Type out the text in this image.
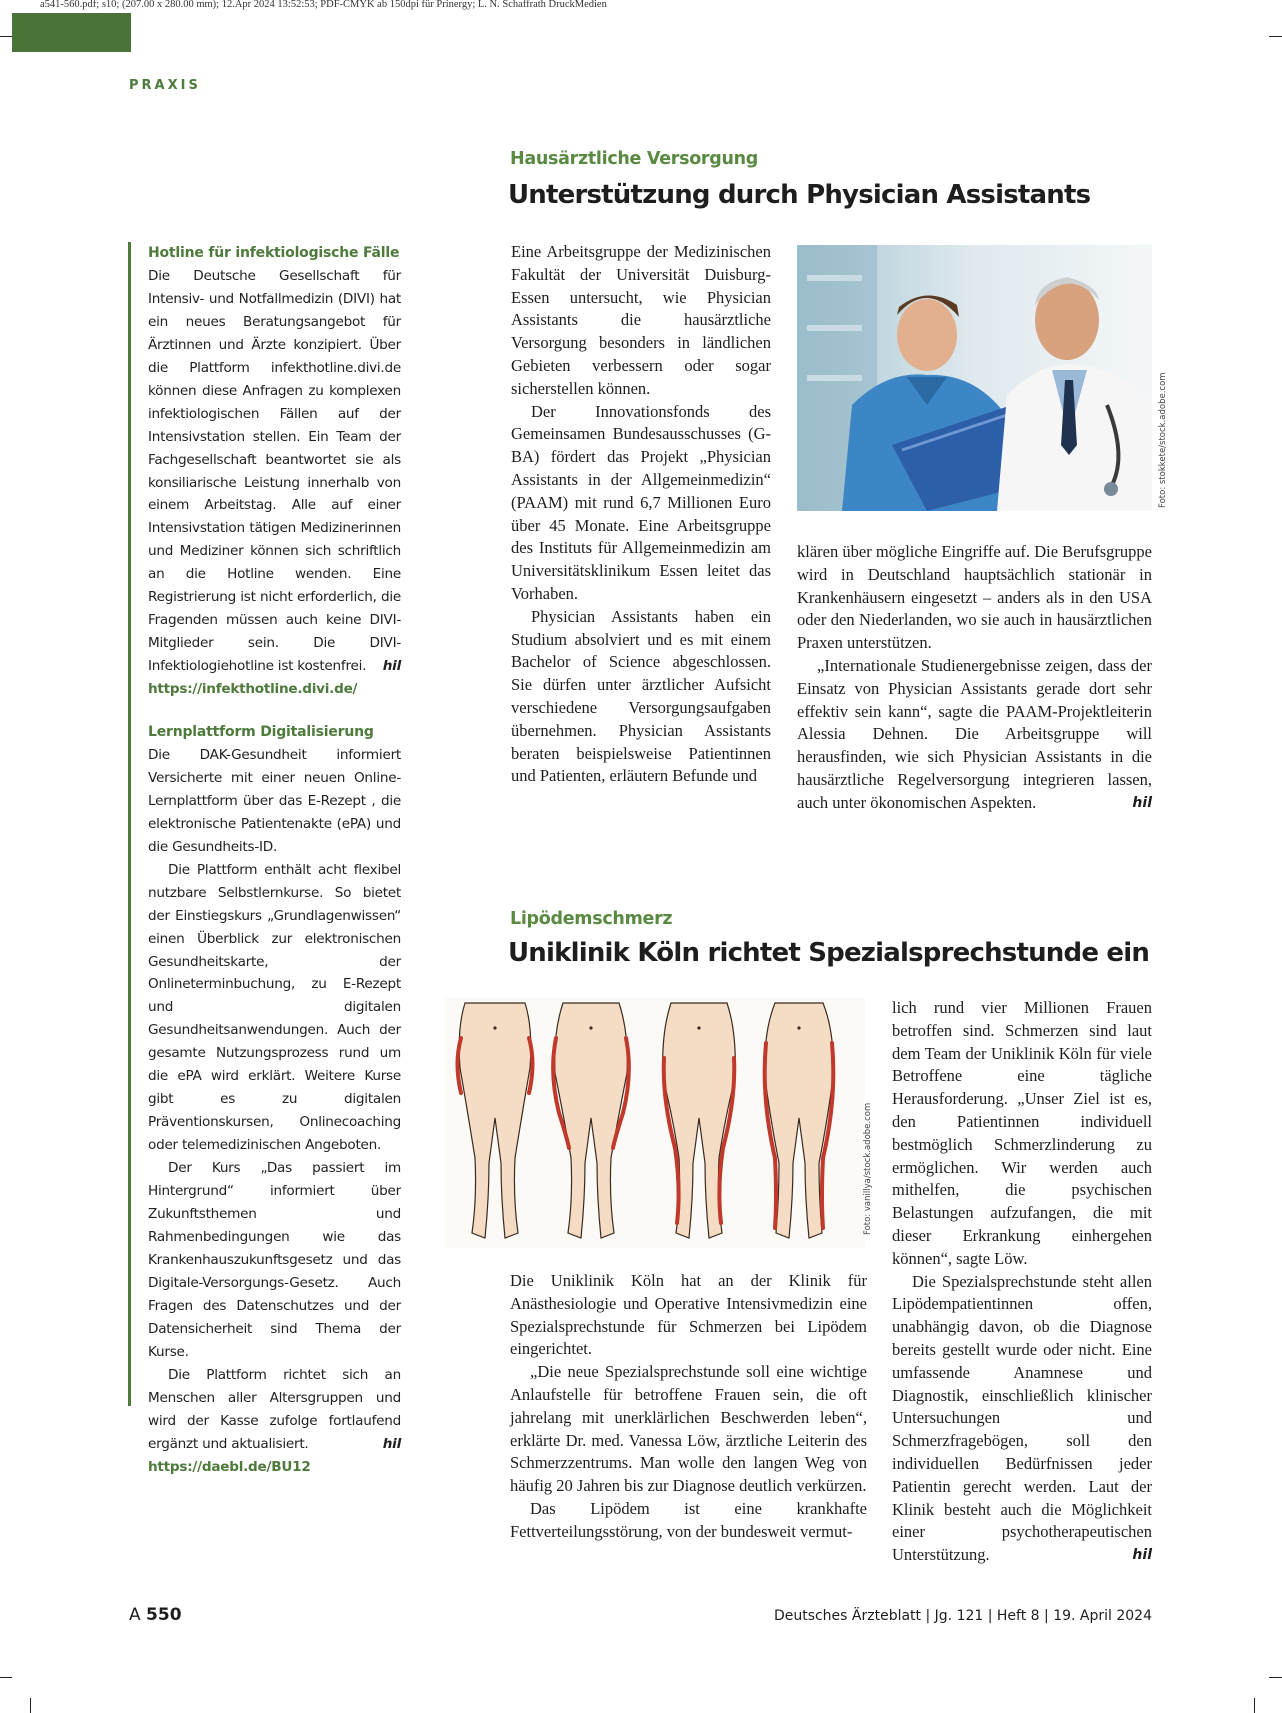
a541-560.pdf; s10; (207.00 x 280.00 mm); 12.Apr 2024 13:52:53; PDF-CMYK ab 150dpi für Prinergy; L. N. Schaffrath DruckMedien
PRAXIS
Hotline für infektiologische Fälle

Die Deutsche Gesellschaft für Intensiv- und Notfallmedizin (DIVI) hat ein neues Beratungsangebot für Ärztinnen und Ärzte konzipiert. Über die Plattform infekthotline.divi.de können diese Anfragen zu komplexen infektiologischen Fällen auf der Intensivstation stellen. Ein Team der Fachgesellschaft beantwortet sie als konsiliarische Leistung innerhalb von einem Arbeitstag. Alle auf einer Intensivstation tätigen Medizinerinnen und Mediziner können sich schriftlich an die Hotline wenden. Eine Registrierung ist nicht erforderlich, die Fragenden müssen auch keine DIVI-Mitglieder sein. Die DIVI-Infektiologiehotline ist kostenfrei. hil

https://infekthotline.divi.de/

Lernplattform Digitalisierung

Die DAK-Gesundheit informiert Versicherte mit einer neuen Online-Lernplattform über das E-Rezept , die elektronische Patientenakte (ePA) und die Gesundheits-ID.

Die Plattform enthält acht flexibel nutzbare Selbstlernkurse. So bietet der Einstiegskurs „Grundlagenwissen“ einen Überblick zur elektronischen Gesundheitskarte, der Onlineterminbuchung, zu E-Rezept und digitalen Gesundheitsanwendungen. Auch der gesamte Nutzungsprozess rund um die ePA wird erklärt. Weitere Kurse gibt es zu digitalen Präventionskursen, Onlinecoaching oder telemedizinischen Angeboten.

Der Kurs „Das passiert im Hintergrund“ informiert über Zukunftsthemen und Rahmenbedingungen wie das Krankenhauszukunftsgesetz und das Digitale-Versorgungs-Gesetz. Auch Fragen des Datenschutzes und der Datensicherheit sind Thema der Kurse.

Die Plattform richtet sich an Menschen aller Altersgruppen und wird der Kasse zufolge fortlaufend ergänzt und aktualisiert.	hil

https://daebl.de/BU12

Hausärztliche Versorgung
Unterstützung durch Physician Assistants

Eine Arbeitsgruppe der Medizinischen Fakultät der Universität Duisburg-Essen untersucht, wie Physician Assistants die hausärztliche Versorgung besonders in ländlichen Gebieten verbessern oder sogar sicherstellen können.

Der Innovationsfonds des Gemeinsamen Bundesausschusses (G-BA) fördert das Projekt „Physician Assistants in der Allgemeinmedizin“ (PAAM) mit rund 6,7 Millionen Euro über 45 Monate. Eine Arbeitsgruppe des Instituts für Allgemeinmedizin am Universitätsklinikum Essen leitet das Vorhaben.

Physician Assistants haben ein Studium absolviert und es mit einem Bachelor of Science abgeschlossen. Sie dürfen unter ärztlicher Aufsicht verschiedene Versorgungsaufgaben übernehmen. Physician Assistants beraten beispielsweise Patientinnen und Patienten, erläutern Befunde und

Foto: stokkete/stock.adobe.com

klären über mögliche Eingriffe auf. Die Berufsgruppe wird in Deutschland hauptsächlich stationär in Krankenhäusern eingesetzt – anders als in den USA oder den Niederlanden, wo sie auch in hausärztlichen Praxen unterstützen.

„Internationale Studienergebnisse zeigen, dass der Einsatz von Physician Assistants gerade dort sehr effektiv sein kann“, sagte die PAAM-Projektleiterin Alessia Dehnen. Die Arbeitsgruppe will herausfinden, wie sich Physician Assistants in die hausärztliche Regelversorgung integrieren lassen, auch unter ökonomischen Aspekten.	hil

Lipödemschmerz
Uniklinik Köln richtet Spezialsprechstunde ein
Foto: vanillya/stock.adobe.com

Die Uniklinik Köln hat an der Klinik für Anästhesiologie und Operative Intensivmedizin eine Spezialsprechstunde für Schmerzen bei Lipödem eingerichtet.

„Die neue Spezialsprechstunde soll eine wichtige Anlaufstelle für betroffene Frauen sein, die oft jahrelang mit unerklärlichen Beschwerden leben“, erklärte Dr. med. Vanessa Löw, ärztliche Leiterin des Schmerzzentrums. Man wolle den langen Weg von häufig 20 Jahren bis zur Diagnose deutlich verkürzen.

Das Lipödem ist eine krankhafte Fettverteilungsstörung, von der bundesweit vermut-

lich rund vier Millionen Frauen betroffen sind. Schmerzen sind laut dem Team der Uniklinik Köln für viele Betroffene eine tägliche Herausforderung. „Unser Ziel ist es, den Patientinnen individuell bestmöglich Schmerzlinderung zu ermöglichen. Wir werden auch mithelfen, die psychischen Belastungen aufzufangen, die mit dieser Erkrankung einhergehen können“, sagte Löw.

Die Spezialsprechstunde steht allen Lipödempatientinnen offen, unabhängig davon, ob die Diagnose bereits gestellt wurde oder nicht. Eine umfassende Anamnese und Diagnostik, einschließlich klinischer Untersuchungen und Schmerzfragebögen, soll den individuellen Bedürfnissen jeder Patientin gerecht werden. Laut der Klinik besteht auch die Möglichkeit einer psychotherapeutischen Unterstützung.	hil

A 550	Deutsches Ärzteblatt | Jg. 121 | Heft 8 | 19. April 2024
